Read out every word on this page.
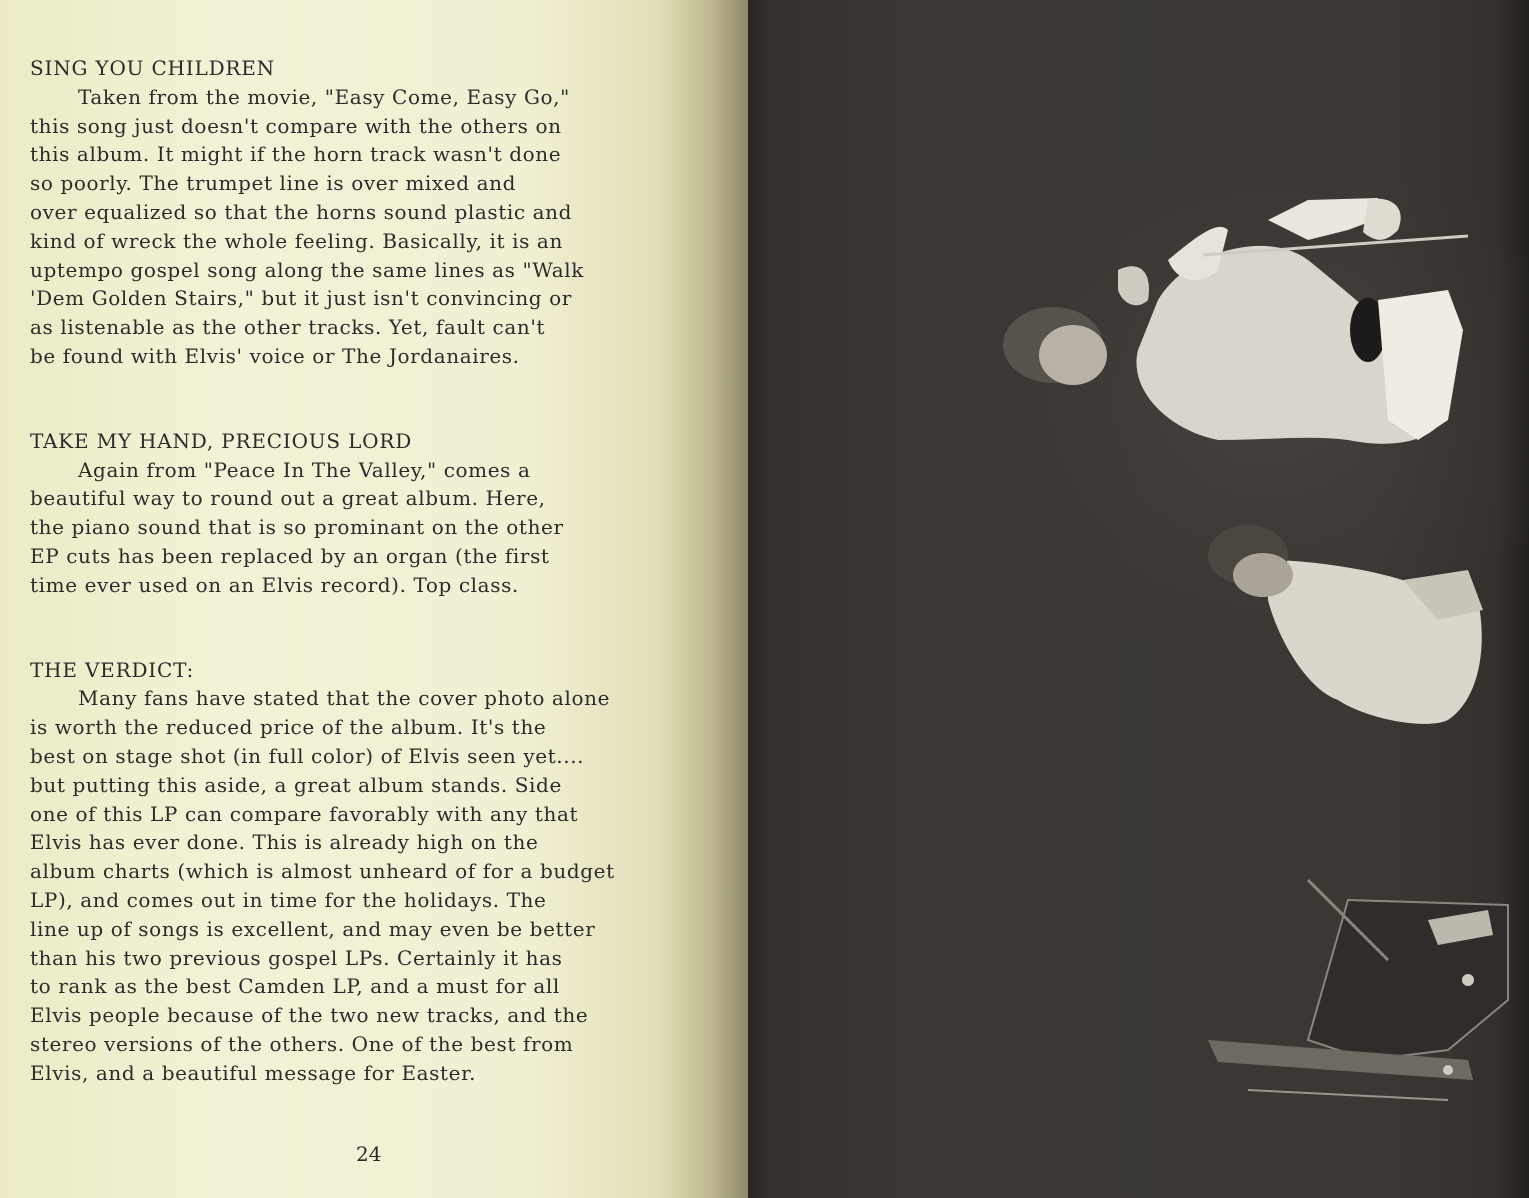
SING YOU CHILDREN
Taken from the movie, "Easy Come, Easy Go,"
this song just doesn't compare with the others on
this album. It might if the horn track wasn't done
so poorly. The trumpet line is over mixed and
over equalized so that the horns sound plastic and
kind of wreck the whole feeling. Basically, it is an
uptempo gospel song along the same lines as "Walk
'Dem Golden Stairs," but it just isn't convincing or
as listenable as the other tracks. Yet, fault can't
be found with Elvis' voice or The Jordanaires.
TAKE MY HAND, PRECIOUS LORD
Again from "Peace In The Valley," comes a
beautiful way to round out a great album. Here,
the piano sound that is so prominant on the other
EP cuts has been replaced by an organ (the first
time ever used on an Elvis record). Top class.
THE VERDICT:
Many fans have stated that the cover photo alone
is worth the reduced price of the album. It's the
best on stage shot (in full color) of Elvis seen yet....
but putting this aside, a great album stands. Side
one of this LP can compare favorably with any that
Elvis has ever done. This is already high on the
album charts (which is almost unheard of for a budget
LP), and comes out in time for the holidays. The
line up of songs is excellent, and may even be better
than his two previous gospel LPs. Certainly it has
to rank as the best Camden LP, and a must for all
Elvis people because of the two new tracks, and the
stereo versions of the others. One of the best from
Elvis, and a beautiful message for Easter.
24
